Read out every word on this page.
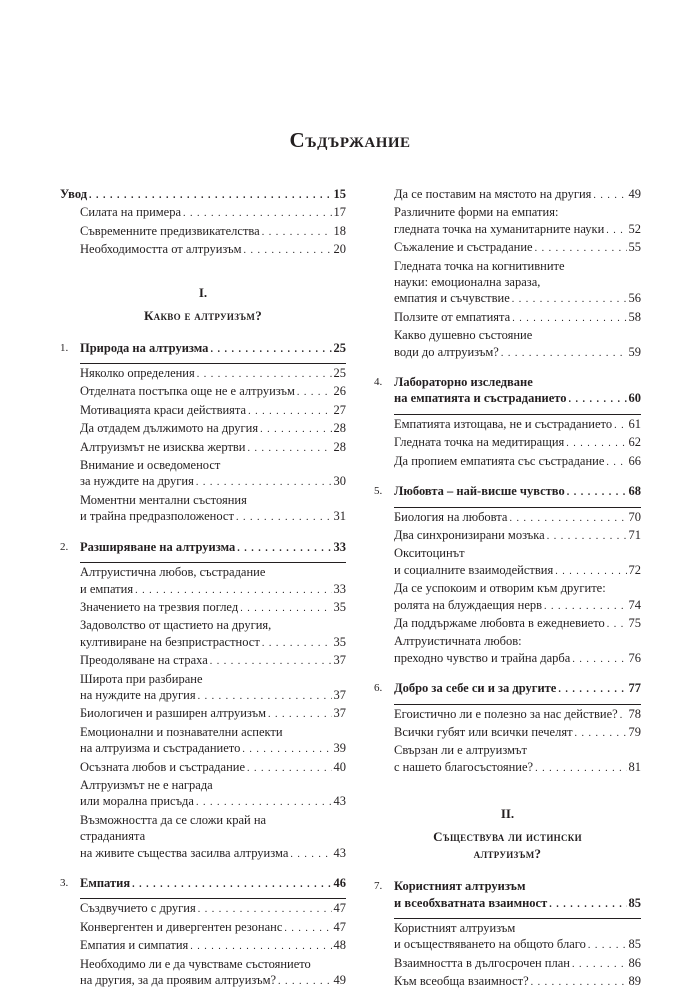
Съдържание
Увод . . .	15
Силата на примера . . .	17
Съвременните предизвикателства . . .	18
Необходимостта от алтруизъм . . .	20
I.
Какво е алтруизъм?
1. Природа на алтруизма . . .	25
Няколко определения . . .	25
Отделната постъпка още не е алтруизъм . . .	26
Мотивацията краси действията . . .	27
Да отдадем дължимото на другия . . .	28
Алтруизмът не изисква жертви . . .	28
Внимание и осведоменост
за нуждите на другия . . .	30
Моментни ментални състояния
и трайна предразположеност . . .	31
2. Разширяване на алтруизма . . .	33
Алтруистична любов, състрадание
и емпатия . . .	33
Значението на трезвия поглед . . .	35
Задоволство от щастието на другия,
култивиране на безпристрастност . . .	35
Преодоляване на страха . . .	37
Широта при разбиране
на нуждите на другия . . .	37
Биологичен и разширен алтруизъм . . .	37
Емоционални и познавателни аспекти
на алтруизма и състраданието . . .	39
Осъзната любов и състрадание . . .	40
Алтруизмът не е награда
или морална присъда . . .	43
Възможността да се сложи край на
страданията
на живите същества засилва алтруизма . . .	43
3. Емпатия . . .	46
Създвучието с другия . . .	47
Конвергентен и дивергентен резонанс . . .	47
Емпатия и симпатия . . .	48
Необходимо ли е да чувстваме състоянието
на другия, за да проявим алтруизъм? . . .	49
Да се поставим на мястото на другия . . .	49
Различните форми на емпатия:
гледната точка на хуманитарните науки . . . 52
Съжаление и състрадание . . .	55
Гледната точка на когнитивните
науки: емоционална зараза,
емпатия и съчувствие . . .	56
Ползите от емпатията . . .	58
Какво душевно състояние
води до алтруизъм? . . .	59
4. Лабораторно изследване
на емпатията и състраданието . . .	60
Емпатията изтощава, не и състраданието . . . 61
Гледната точка на медитиращия . . .	62
Да пропием емпатията със състрадание . . . 66
5. Любовта – най-висше чувство . . .	68
Биология на любовта . . .	70
Два синхронизирани мозъка . . .	71
Окситоцинът
и социалните взаимодействия . . .	72
Да се успокоим и отворим към другите:
ролята на блуждаещия нерв . . .	74
Да поддържаме любовта в ежедневието . . . 75
Алтруистичната любов:
преходно чувство и трайна дарба . . .	76
6. Добро за себе си и за другите . . .	77
Егоистично ли е полезно за нас действие? . . . 78
Всички губят или всички печелят . . .	79
Свързан ли е алтруизмът
с нашето благосъстояние? . . .	81
II.
Съществува ли истински
алтруизъм?
7. Користният алтруизъм
и всеобхватната взаимност . . .	85
Користният алтруизъм
и осъществяването на общото благо . . .	85
Взаимността в дългосрочен план . . .	86
Към всеобща взаимност? . . .	89
